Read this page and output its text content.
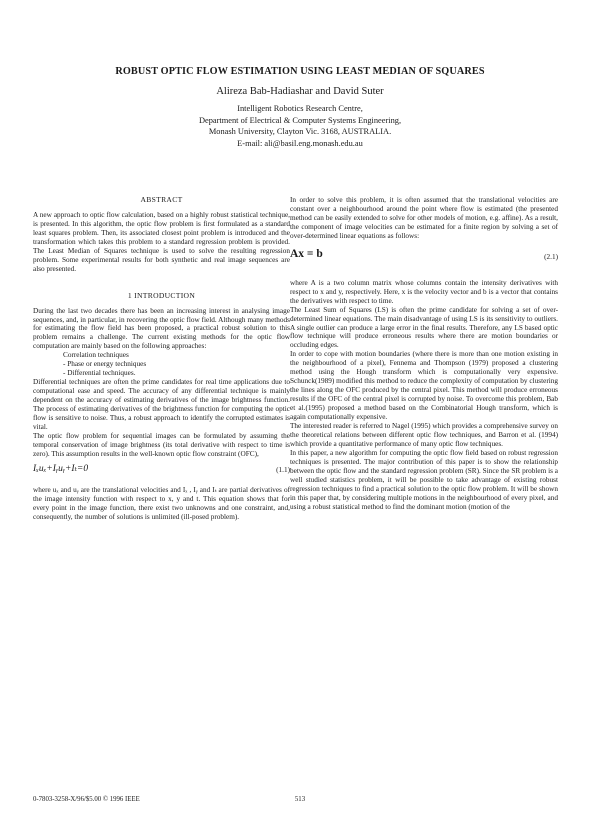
ROBUST OPTIC FLOW ESTIMATION USING LEAST MEDIAN OF SQUARES
Alireza Bab-Hadiashar and David Suter
Intelligent Robotics Research Centre,
Department of Electrical & Computer Systems Engineering,
Monash University, Clayton Vic. 3168, AUSTRALIA.
E-mail: ali@basil.eng.monash.edu.au
ABSTRACT

A new approach to optic flow calculation, based on a highly robust statistical technique, is presented. In this algorithm, the optic flow problem is first formulated as a standard least squares problem. Then, its associated closest point problem is introduced and the transformation which takes this problem to a standard regression problem is provided. The Least Median of Squares technique is used to solve the resulting regression problem. Some experimental results for both synthetic and real image sequences are also presented.

1 INTRODUCTION

During the last two decades there has been an increasing interest in analysing image sequences, and, in particular, in recovering the optic flow field. Although many methods for estimating the flow field has been proposed, a practical robust solution to this problem remains a challenge. The current existing methods for the optic flow computation are mainly based on the following approaches:

Correlation techniques
- Phase or energy techniques
- Differential techniques.

Differential techniques are often the prime candidates for real time applications due to computational ease and speed. The accuracy of any differential technique is mainly dependent on the accuracy of estimating derivatives of the image brightness function. The process of estimating derivatives of the brightness function for computing the optic flow is sensitive to noise. Thus, a robust approach to identify the corrupted estimates is vital.

The optic flow problem for sequential images can be formulated by assuming the temporal conservation of image brightness (its total derivative with respect to time is zero). This assumption results in the well-known optic flow constraint (OFC),

Iₓuₓ+Iᵧuᵧ+Iₜ=0	(1.1)

where uₓ and uᵧ are the translational velocities and Iₓ , Iᵧ and Iₜ are partial derivatives of the image intensity function with respect to x, y and t. This equation shows that for every point in the image function, there exist two unknowns and one constraint, and, consequently, the number of solutions is unlimited (ill-posed problem).

In order to solve this problem, it is often assumed that the translational velocities are constant over a neighbourhood around the point where flow is estimated (the presented method can be easily extended to solve for other models of motion, e.g. affine). As a result, the component of image velocities can be estimated for a finite region by solving a set of over-determined linear equations as follows:

Ax = b	(2.1)

where A is a two column matrix whose columns contain the intensity derivatives with respect to x and y, respectively. Here, x is the velocity vector and b is a vector that contains the derivatives with respect to time.

The Least Sum of Squares (LS) is often the prime candidate for solving a set of over-determined linear equations. The main disadvantage of using LS is its sensitivity to outliers. A single outlier can produce a large error in the final results. Therefore, any LS based optic flow technique will produce erroneous results where there are motion boundaries or occluding edges.

In order to cope with motion boundaries (where there is more than one motion existing in the neighbourhood of a pixel), Fennema and Thompson (1979) proposed a clustering method using the Hough transform which is computationally very expensive. Schunck(1989) modified this method to reduce the complexity of computation by clustering the lines along the OFC produced by the central pixel. This method will produce erroneous results if the OFC of the central pixel is corrupted by noise. To overcome this problem, Bab et al.(1995) proposed a method based on the Combinatorial Hough transform, which is again computationally expensive.

The interested reader is referred to Nagel (1995) which provides a comprehensive survey on the theoretical relations between different optic flow techniques, and Barron et al. (1994) which provide a quantitative performance of many optic flow techniques.

In this paper, a new algorithm for computing the optic flow field based on robust regression techniques is presented. The major contribution of this paper is to show the relationship between the optic flow and the standard regression problem (SR). Since the SR problem is a well studied statistics problem, it will be possible to take advantage of existing robust regression techniques to find a practical solution to the optic flow problem. It will be shown in this paper that, by considering multiple motions in the neighbourhood of every pixel, and using a robust statistical method to find the dominant motion (motion of the

0-7803-3258-X/96/$5.00 © 1996 IEEE	513
